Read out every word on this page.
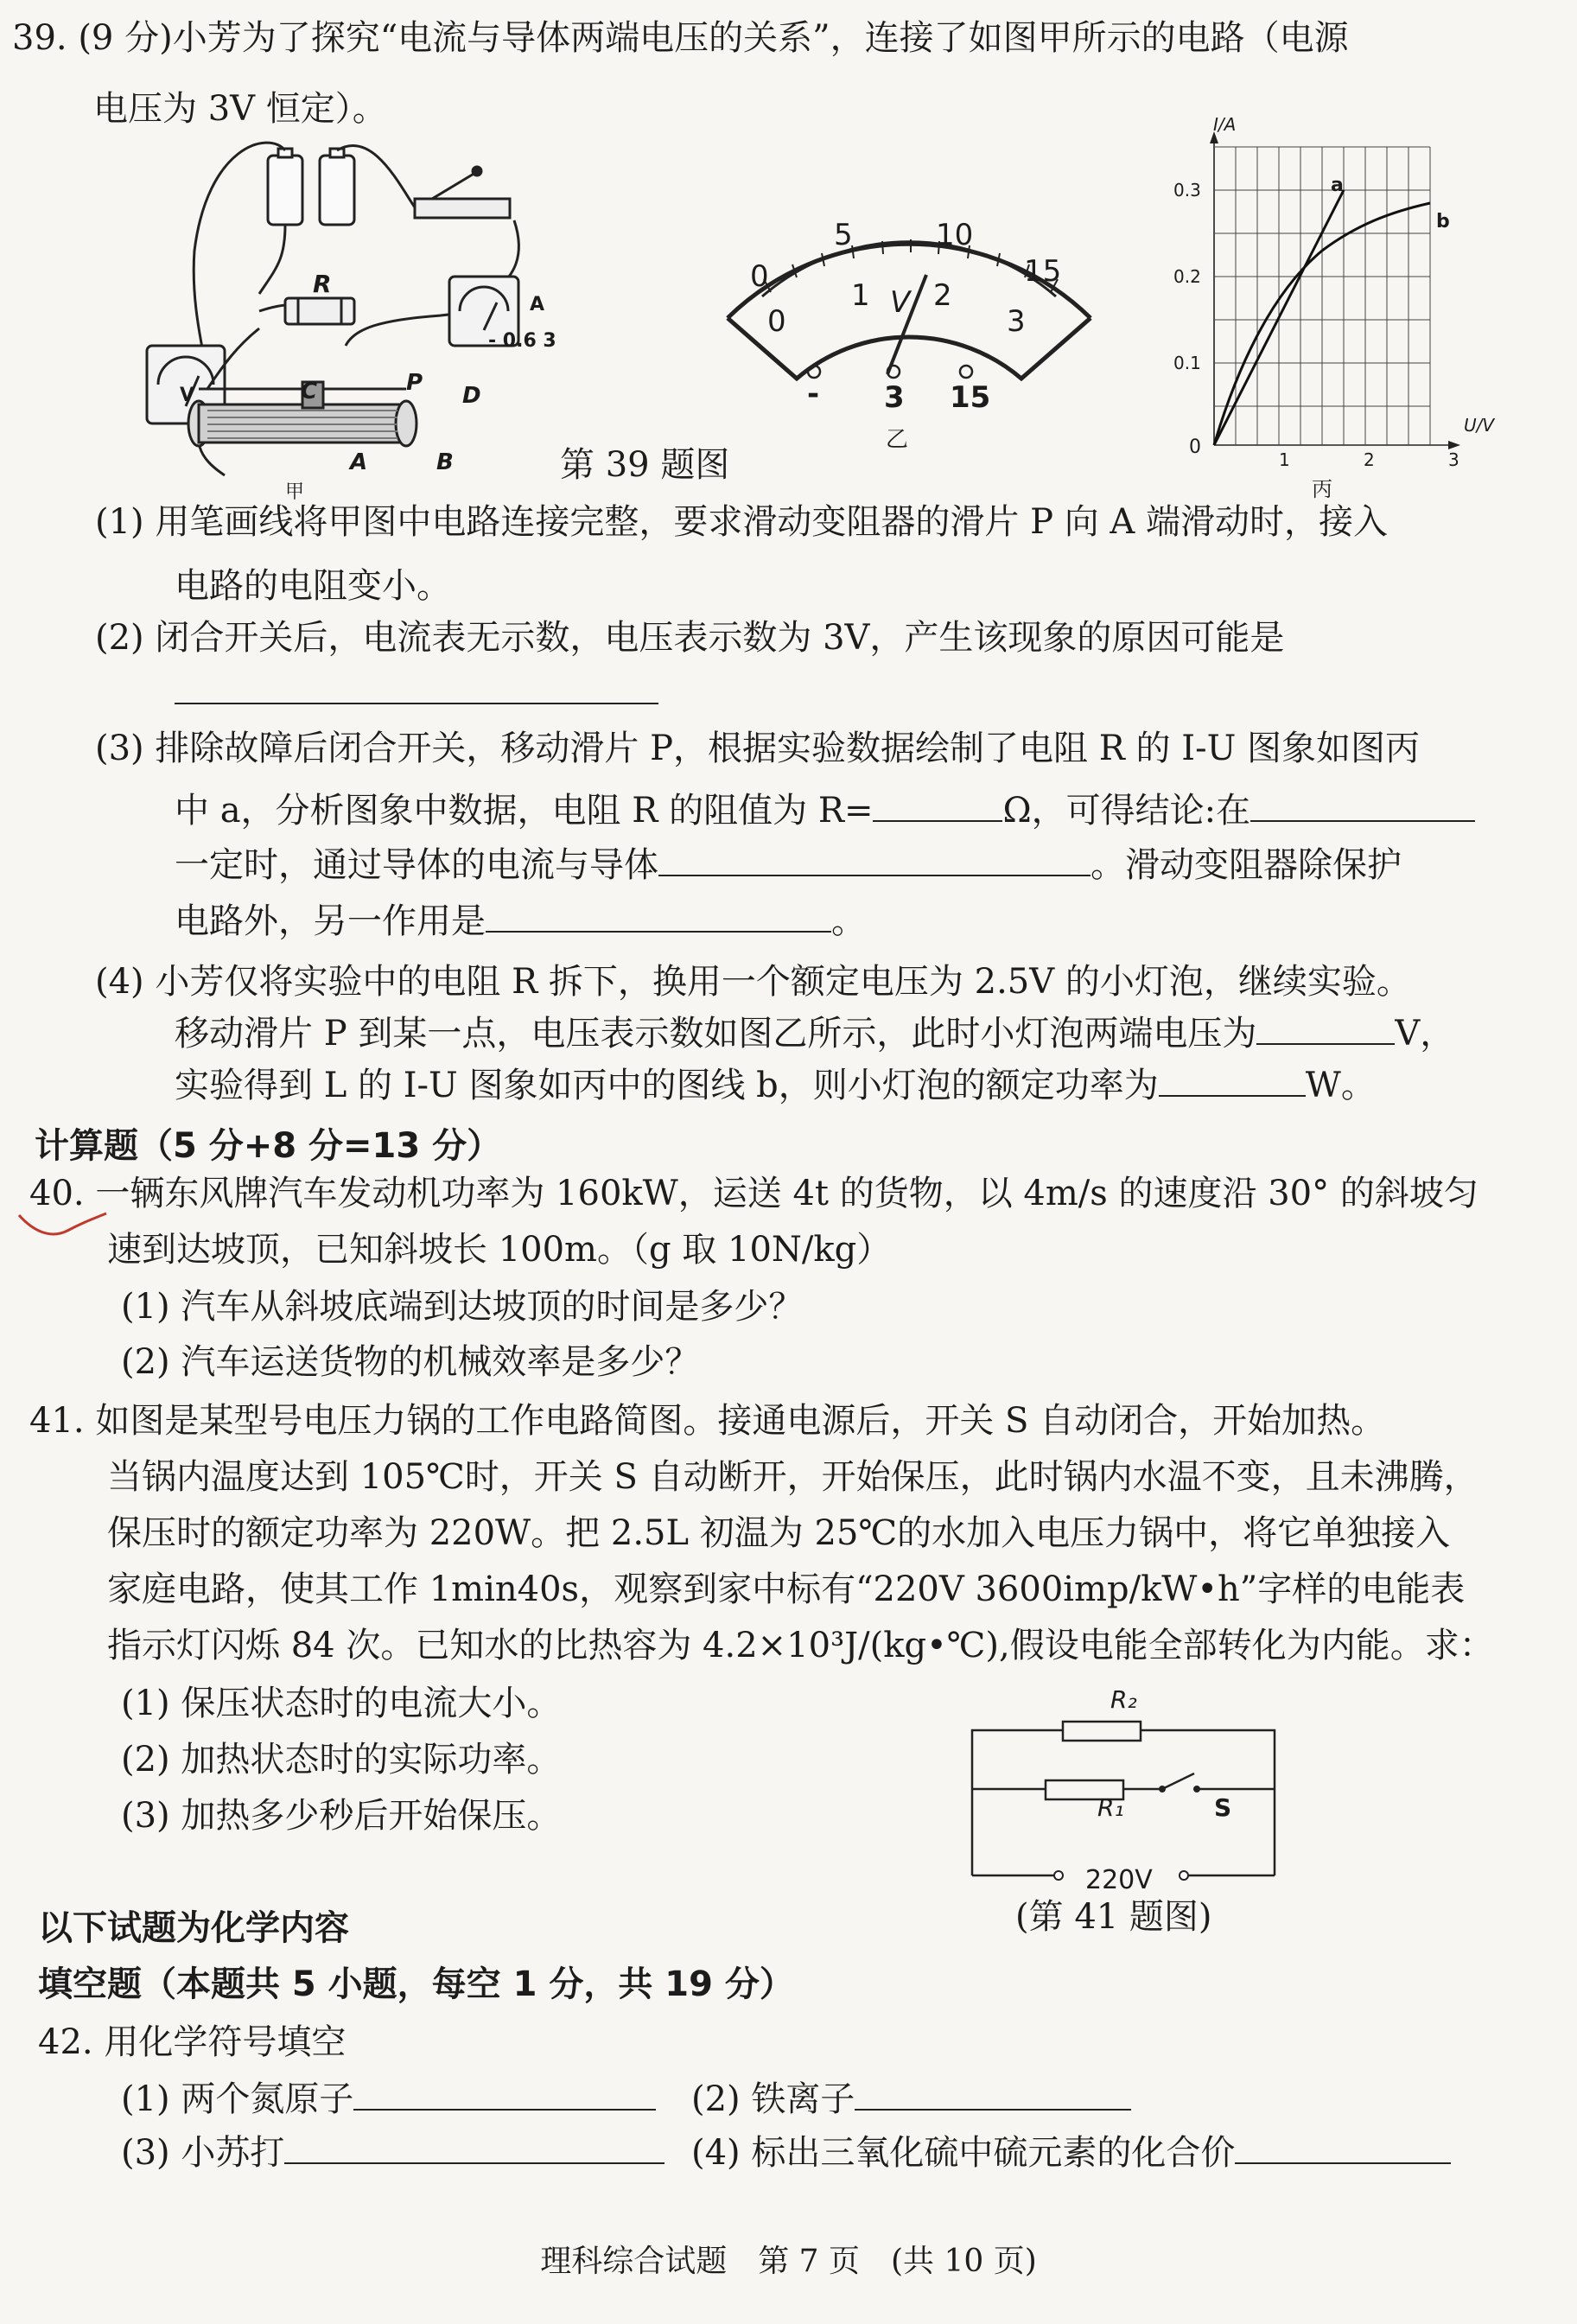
39. (9 分)小芳为了探究“电流与导体两端电压的关系”，连接了如图甲所示的电路（电源
电压为 3V 恒定）。
R
A
- 0.6 3
V	C	P D
A	B
甲
0
5	10
15
0
1 V 2
3
- 3 15
乙
第 39 题图
I/A
U/V
0
0.3
0.2
0.1
1	2	3
a
b
丙
(1) 用笔画线将甲图中电路连接完整，要求滑动变阻器的滑片 P 向 A 端滑动时，接入
电路的电阻变小。
(2) 闭合开关后，电流表无示数，电压表示数为 3V，产生该现象的原因可能是
(3) 排除故障后闭合开关，移动滑片 P，根据实验数据绘制了电阻 R 的 I-U 图象如图丙
中 a，分析图象中数据，电阻 R 的阻值为 R=	Ω，可得结论:在
一定时，通过导体的电流与导体	。滑动变阻器除保护
电路外，另一作用是	。
(4) 小芳仅将实验中的电阻 R 拆下，换用一个额定电压为 2.5V 的小灯泡，继续实验。
移动滑片 P 到某一点，电压表示数如图乙所示，此时小灯泡两端电压为	V，
实验得到 L 的 I-U 图象如丙中的图线 b，则小灯泡的额定功率为	W。
计算题（5 分+8 分=13 分）
40. 一辆东风牌汽车发动机功率为 160kW，运送 4t 的货物，以 4m/s 的速度沿 30° 的斜坡匀
速到达坡顶，已知斜坡长 100m。（g 取 10N/kg）
(1) 汽车从斜坡底端到达坡顶的时间是多少？
(2) 汽车运送货物的机械效率是多少？
41. 如图是某型号电压力锅的工作电路简图。接通电源后，开关 S 自动闭合，开始加热。
当锅内温度达到 105℃时，开关 S 自动断开，开始保压，此时锅内水温不变，且未沸腾，
保压时的额定功率为 220W。把 2.5L 初温为 25℃的水加入电压力锅中，将它单独接入
家庭电路，使其工作 1min40s，观察到家中标有“220V 3600imp/kW•h”字样的电能表
指示灯闪烁 84 次。已知水的比热容为 4.2×10³J/(kg•℃),假设电能全部转化为内能。求：
(1) 保压状态时的电流大小。
(2) 加热状态时的实际功率。
(3) 加热多少秒后开始保压。
R₂
R₁	S
220V
(第 41 题图)
以下试题为化学内容
填空题（本题共 5 小题，每空 1 分，共 19 分）
42. 用化学符号填空
(1) 两个氮原子	(2) 铁离子
(3) 小苏打	(4) 标出三氧化硫中硫元素的化合价
理科综合试题　第 7 页　(共 10 页)
